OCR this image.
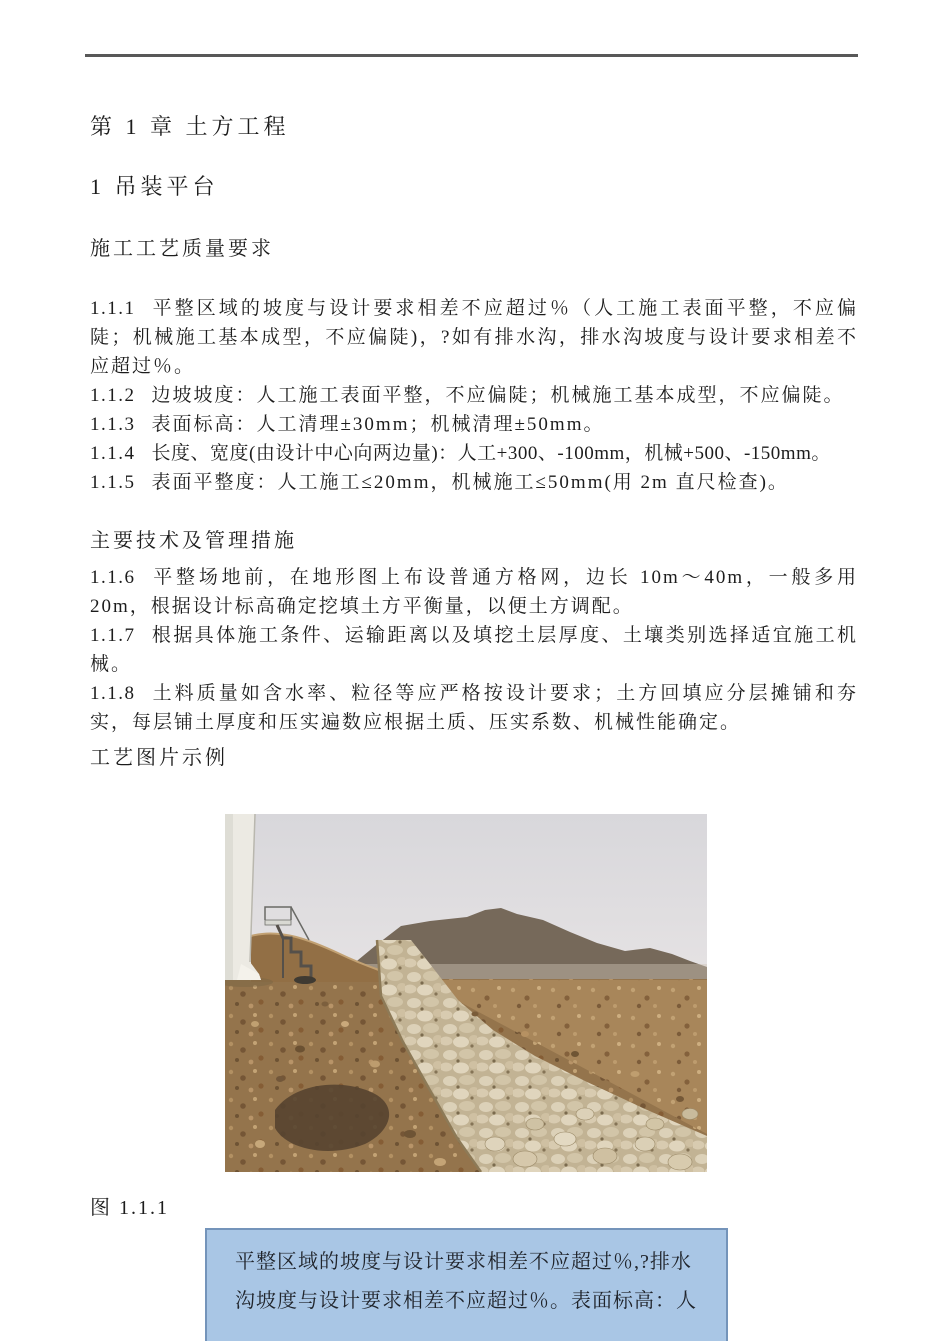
第 1 章 土方工程
1 吊装平台
施工工艺质量要求

1.1.1 平整区域的坡度与设计要求相差不应超过％（人工施工表面平整，不应偏陡；机械施工基本成型，不应偏陡)，?如有排水沟，排水沟坡度与设计要求相差不应超过％。

1.1.2 边坡坡度：人工施工表面平整，不应偏陡；机械施工基本成型，不应偏陡。

1.1.3 表面标高：人工清理±30mm；机械清理±50mm。

1.1.4 长度、宽度(由设计中心向两边量)：人工+300、-100mm，机械+500、-150mm。

1.1.5 表面平整度：人工施工≤20mm，机械施工≤50mm(用 2m 直尺检查)。

主要技术及管理措施

1.1.6 平整场地前，在地形图上布设普通方格网，边长 10m～40m，一般多用 20m，根据设计标高确定挖填土方平衡量，以便土方调配。

1.1.7 根据具体施工条件、运输距离以及填挖土层厚度、土壤类别选择适宜施工机械。

1.1.8 土料质量如含水率、粒径等应严格按设计要求；土方回填应分层摊铺和夯实，每层铺土厚度和压实遍数应根据土质、压实系数、机械性能确定。

工艺图片示例
图 1.1.1
平整区域的坡度与设计要求相差不应超过％,?排水
沟坡度与设计要求相差不应超过％。表面标高：人
